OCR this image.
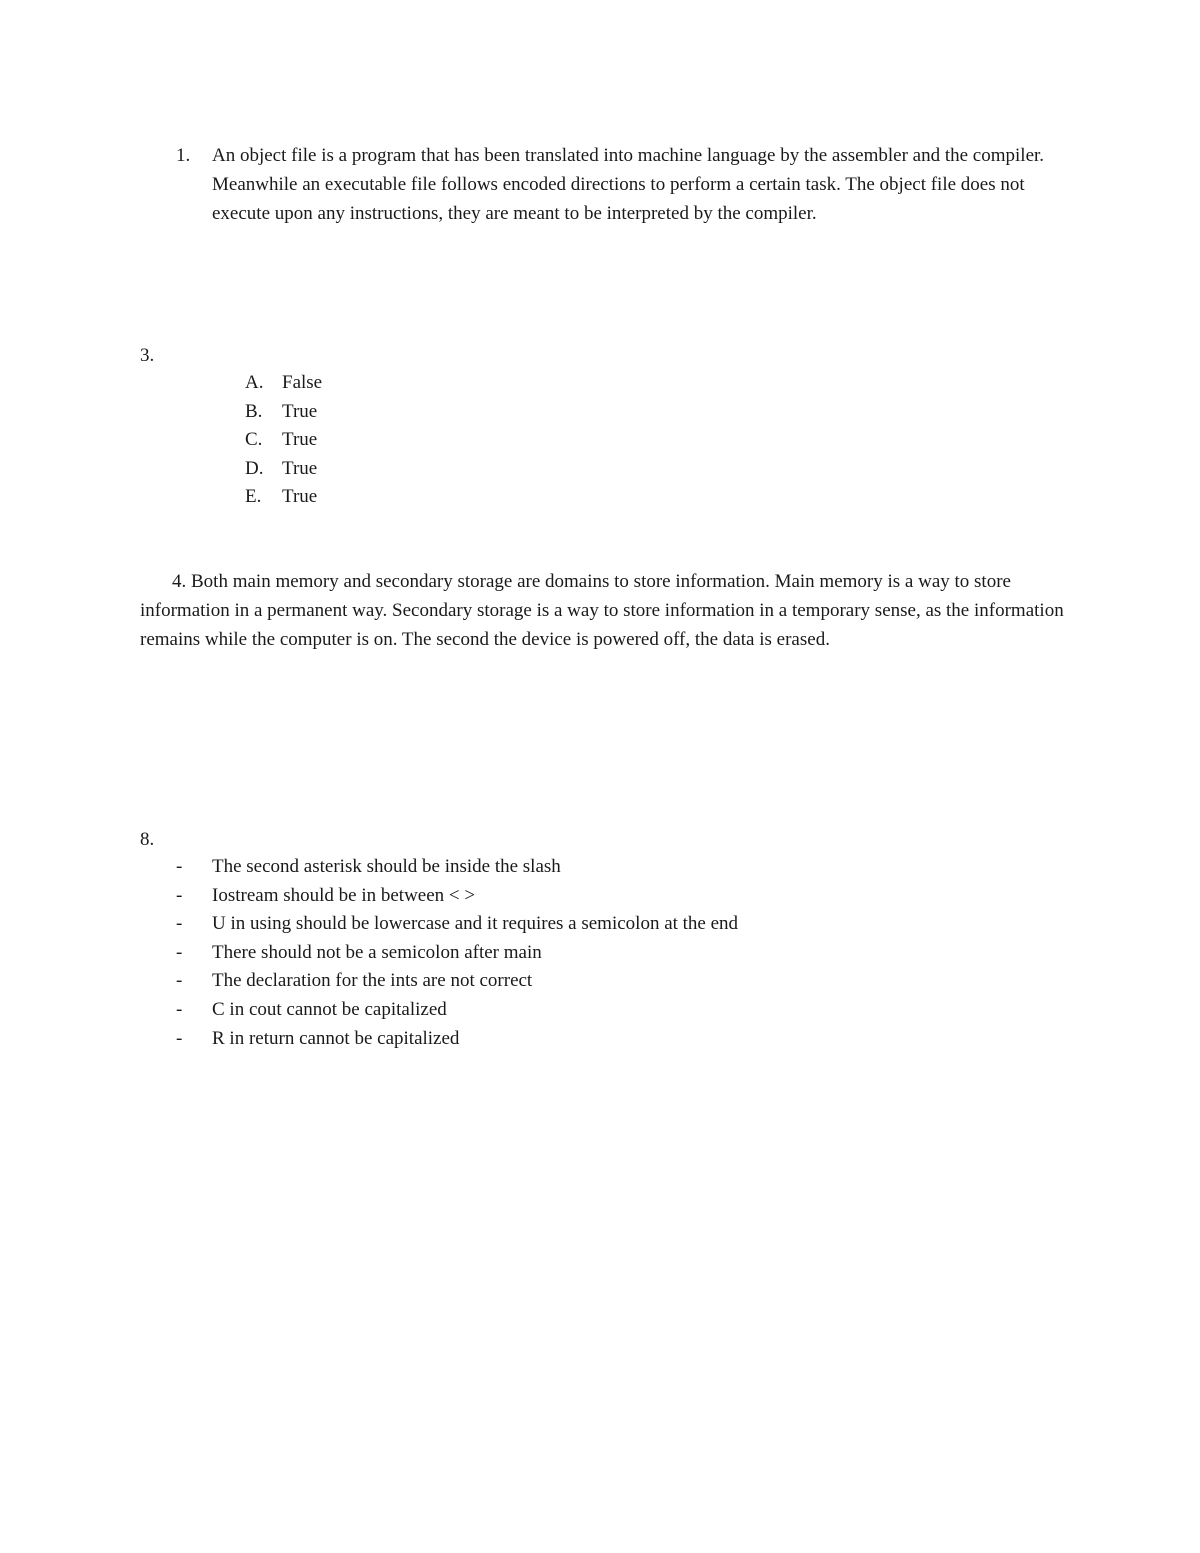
1. An object file is a program that has been translated into machine language by the assembler and the compiler. Meanwhile an executable file follows encoded directions to perform a certain task. The object file does not execute upon any instructions, they are meant to be interpreted by the compiler.
3.
A. False
B.	True
C.	True
D. True
E.	True
4. Both main memory and secondary storage are domains to store information. Main memory is a way to store information in a permanent way. Secondary storage is a way to store information in a temporary sense, as the information remains while the computer is on. The second the device is powered off, the data is erased.
8.
-	The second asterisk should be inside the slash
-	Iostream should be in between < >
-	U in using should be lowercase and it requires a semicolon at the end
-	There should not be a semicolon after main
-	The declaration for the ints are not correct
-	C in cout cannot be capitalized
-	R in return cannot be capitalized
